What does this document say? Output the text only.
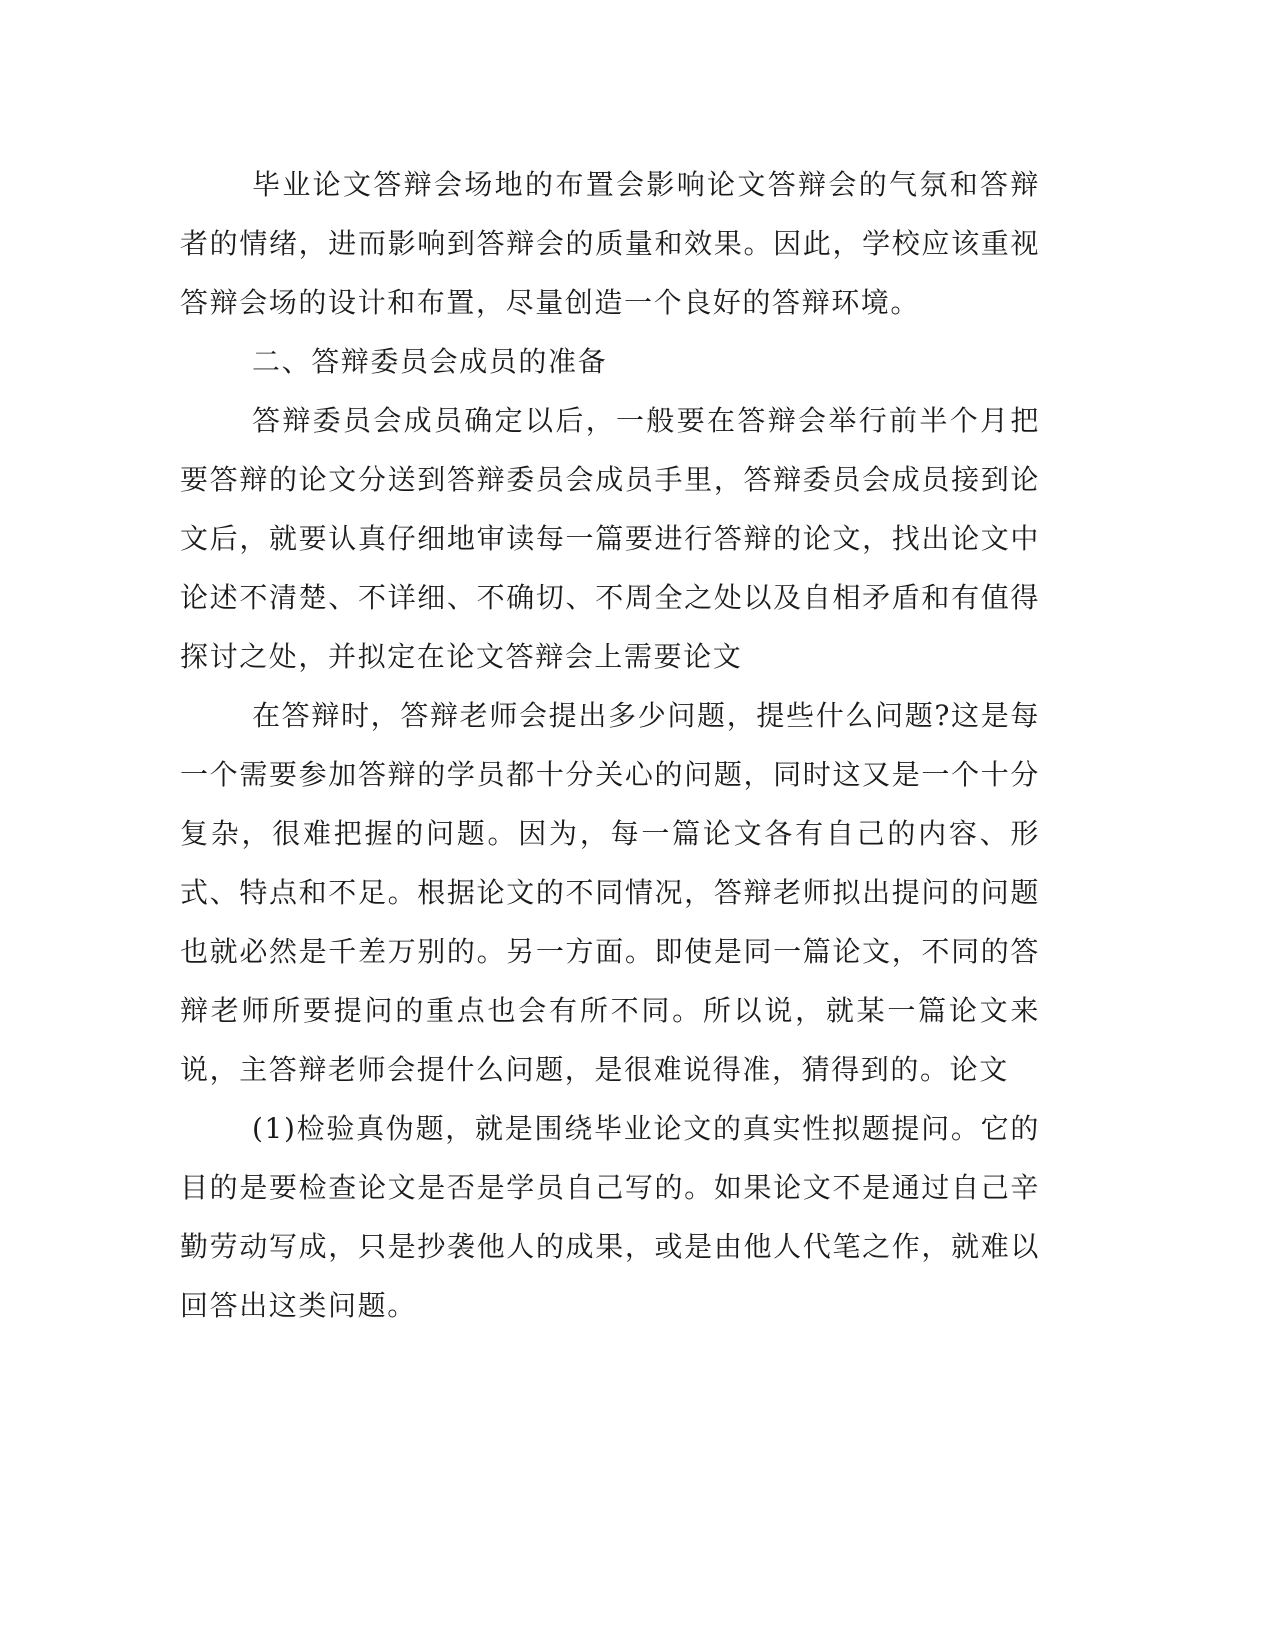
毕业论文答辩会场地的布置会影响论文答辩会的气氛和答辩者的情绪，进而影响到答辩会的质量和效果。因此，学校应该重视答辩会场的设计和布置，尽量创造一个良好的答辩环境。

二、答辩委员会成员的准备

答辩委员会成员确定以后，一般要在答辩会举行前半个月把要答辩的论文分送到答辩委员会成员手里，答辩委员会成员接到论文后，就要认真仔细地审读每一篇要进行答辩的论文，找出论文中论述不清楚、不详细、不确切、不周全之处以及自相矛盾和有值得探讨之处，并拟定在论文答辩会上需要论文

在答辩时，答辩老师会提出多少问题，提些什么问题?这是每一个需要参加答辩的学员都十分关心的问题，同时这又是一个十分复杂，很难把握的问题。因为，每一篇论文各有自己的内容、形式、特点和不足。根据论文的不同情况，答辩老师拟出提问的问题也就必然是千差万别的。另一方面。即使是同一篇论文，不同的答辩老师所要提问的重点也会有所不同。所以说，就某一篇论文来说，主答辩老师会提什么问题，是很难说得准，猜得到的。论文

(1)检验真伪题，就是围绕毕业论文的真实性拟题提问。它的目的是要检查论文是否是学员自己写的。如果论文不是通过自己辛勤劳动写成，只是抄袭他人的成果，或是由他人代笔之作，就难以回答出这类问题。
